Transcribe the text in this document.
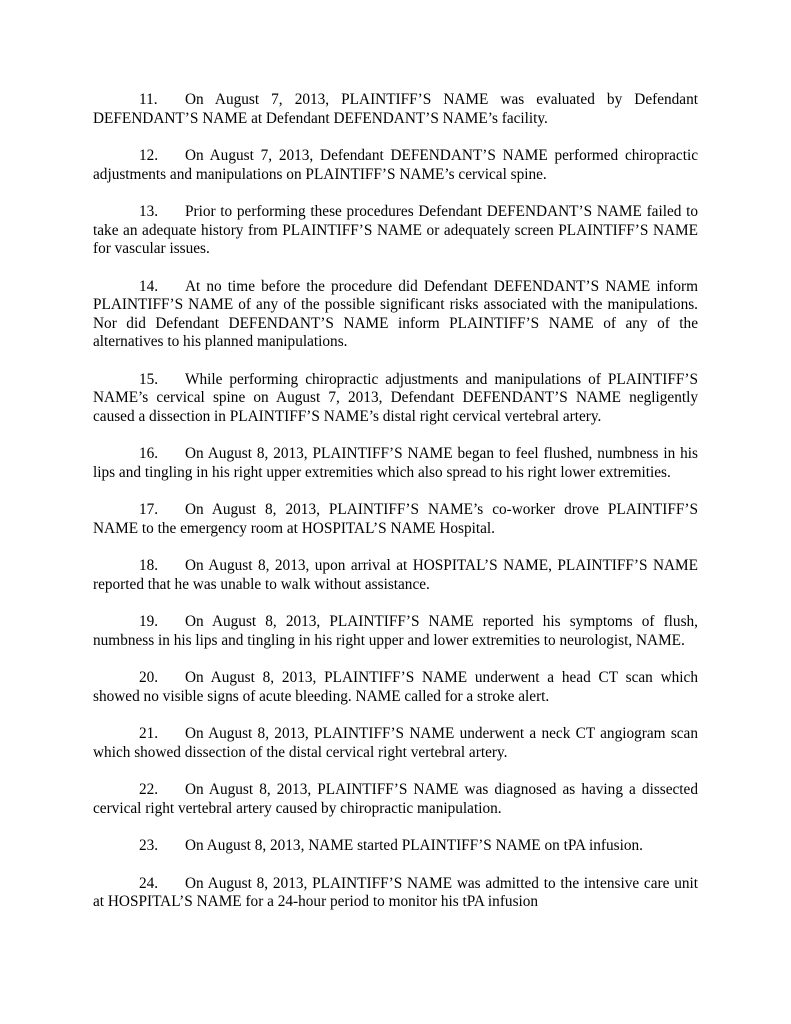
11. On August 7, 2013, PLAINTIFF’S NAME was evaluated by Defendant DEFENDANT’S NAME at Defendant DEFENDANT’S NAME’s facility.

12. On August 7, 2013, Defendant DEFENDANT’S NAME performed chiropractic adjustments and manipulations on PLAINTIFF’S NAME’s cervical spine.

13. Prior to performing these procedures Defendant DEFENDANT’S NAME failed to take an adequate history from PLAINTIFF’S NAME or adequately screen PLAINTIFF’S NAME for vascular issues.

14. At no time before the procedure did Defendant DEFENDANT’S NAME inform PLAINTIFF’S NAME of any of the possible significant risks associated with the manipulations. Nor did Defendant DEFENDANT’S NAME inform PLAINTIFF’S NAME of any of the alternatives to his planned manipulations.

15. While performing chiropractic adjustments and manipulations of PLAINTIFF’S NAME’s cervical spine on August 7, 2013, Defendant DEFENDANT’S NAME negligently caused a dissection in PLAINTIFF’S NAME’s distal right cervical vertebral artery.

16. On August 8, 2013, PLAINTIFF’S NAME began to feel flushed, numbness in his lips and tingling in his right upper extremities which also spread to his right lower extremities.

17. On August 8, 2013, PLAINTIFF’S NAME’s co-worker drove PLAINTIFF’S NAME to the emergency room at HOSPITAL’S NAME Hospital.

18. On August 8, 2013, upon arrival at HOSPITAL’S NAME, PLAINTIFF’S NAME reported that he was unable to walk without assistance.

19. On August 8, 2013, PLAINTIFF’S NAME reported his symptoms of flush, numbness in his lips and tingling in his right upper and lower extremities to neurologist, NAME.

20. On August 8, 2013, PLAINTIFF’S NAME underwent a head CT scan which showed no visible signs of acute bleeding. NAME called for a stroke alert.

21. On August 8, 2013, PLAINTIFF’S NAME underwent a neck CT angiogram scan which showed dissection of the distal cervical right vertebral artery.

22. On August 8, 2013, PLAINTIFF’S NAME was diagnosed as having a dissected cervical right vertebral artery caused by chiropractic manipulation.

23. On August 8, 2013, NAME started PLAINTIFF’S NAME on tPA infusion.

24. On August 8, 2013, PLAINTIFF’S NAME was admitted to the intensive care unit at HOSPITAL’S NAME for a 24-hour period to monitor his tPA infusion
